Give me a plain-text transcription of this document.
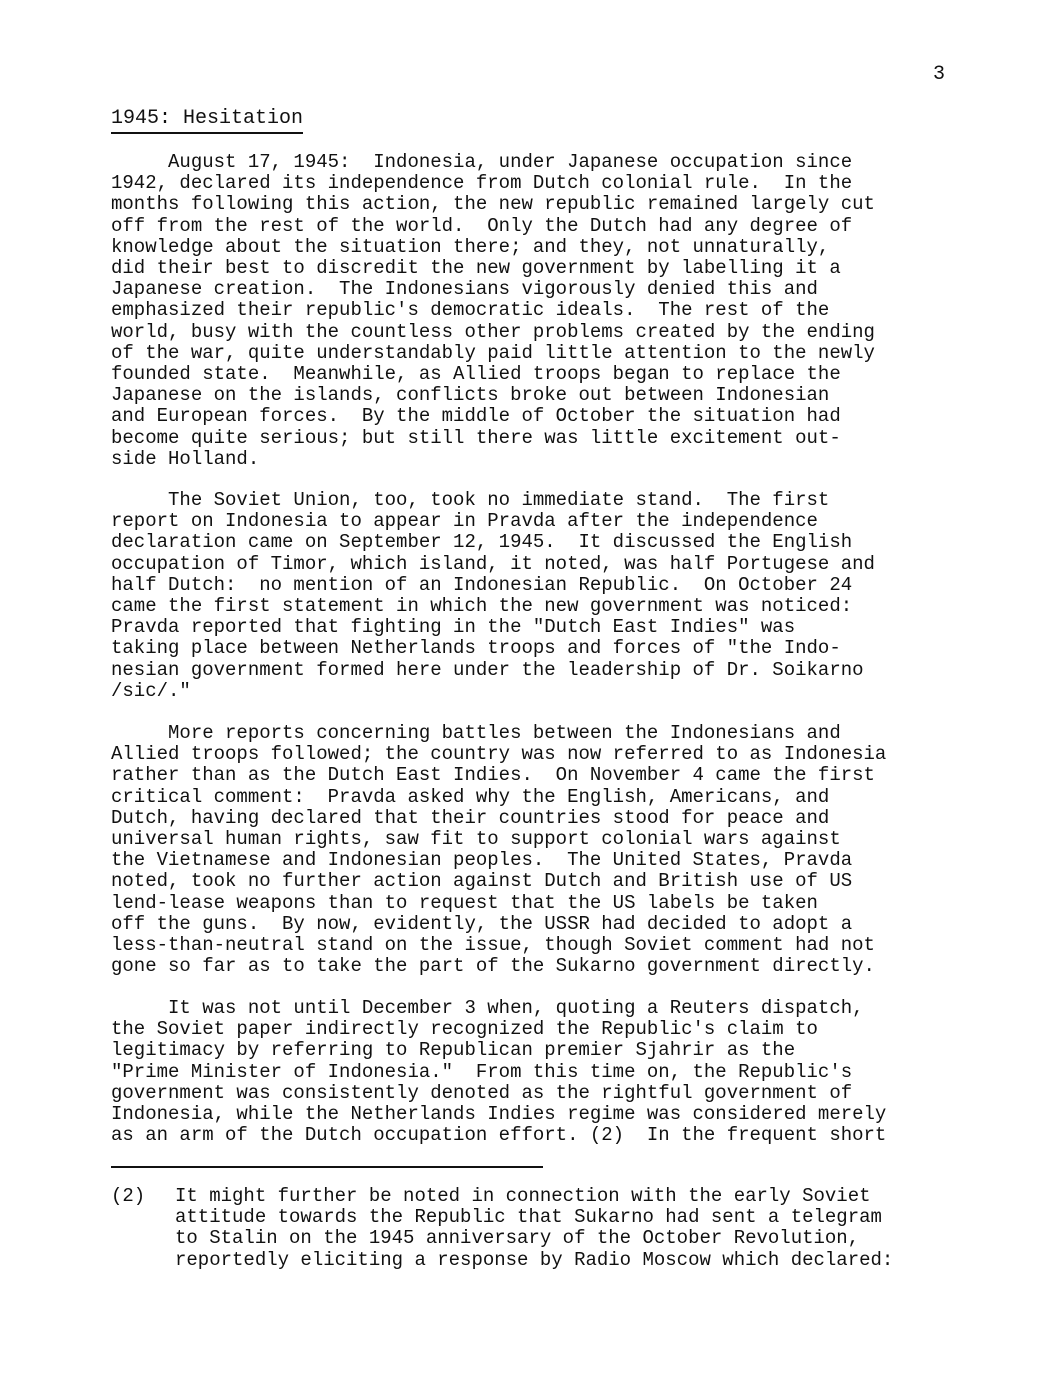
3
1945: Hesitation
August 17, 1945:  Indonesia, under Japanese occupation since
1942, declared its independence from Dutch colonial rule.  In the
months following this action, the new republic remained largely cut
off from the rest of the world.  Only the Dutch had any degree of
knowledge about the situation there; and they, not unnaturally,
did their best to discredit the new government by labelling it a
Japanese creation.  The Indonesians vigorously denied this and
emphasized their republic's democratic ideals.  The rest of the
world, busy with the countless other problems created by the ending
of the war, quite understandably paid little attention to the newly
founded state.  Meanwhile, as Allied troops began to replace the
Japanese on the islands, conflicts broke out between Indonesian
and European forces.  By the middle of October the situation had
become quite serious; but still there was little excitement out-
side Holland.
The Soviet Union, too, took no immediate stand.  The first
report on Indonesia to appear in Pravda after the independence
declaration came on September 12, 1945.  It discussed the English
occupation of Timor, which island, it noted, was half Portugese and
half Dutch:  no mention of an Indonesian Republic.  On October 24
came the first statement in which the new government was noticed:
Pravda reported that fighting in the "Dutch East Indies" was
taking place between Netherlands troops and forces of "the Indo-
nesian government formed here under the leadership of Dr. Soikarno
/sic/."
More reports concerning battles between the Indonesians and
Allied troops followed; the country was now referred to as Indonesia
rather than as the Dutch East Indies.  On November 4 came the first
critical comment:  Pravda asked why the English, Americans, and
Dutch, having declared that their countries stood for peace and
universal human rights, saw fit to support colonial wars against
the Vietnamese and Indonesian peoples.  The United States, Pravda
noted, took no further action against Dutch and British use of US
lend-lease weapons than to request that the US labels be taken
off the guns.  By now, evidently, the USSR had decided to adopt a
less-than-neutral stand on the issue, though Soviet comment had not
gone so far as to take the part of the Sukarno government directly.
It was not until December 3 when, quoting a Reuters dispatch,
the Soviet paper indirectly recognized the Republic's claim to
legitimacy by referring to Republican premier Sjahrir as the
"Prime Minister of Indonesia."  From this time on, the Republic's
government was consistently denoted as the rightful government of
Indonesia, while the Netherlands Indies regime was considered merely
as an arm of the Dutch occupation effort. (2)  In the frequent short
(2) It might further be noted in connection with the early Soviet
attitude towards the Republic that Sukarno had sent a telegram
to Stalin on the 1945 anniversary of the October Revolution,
reportedly eliciting a response by Radio Moscow which declared:
